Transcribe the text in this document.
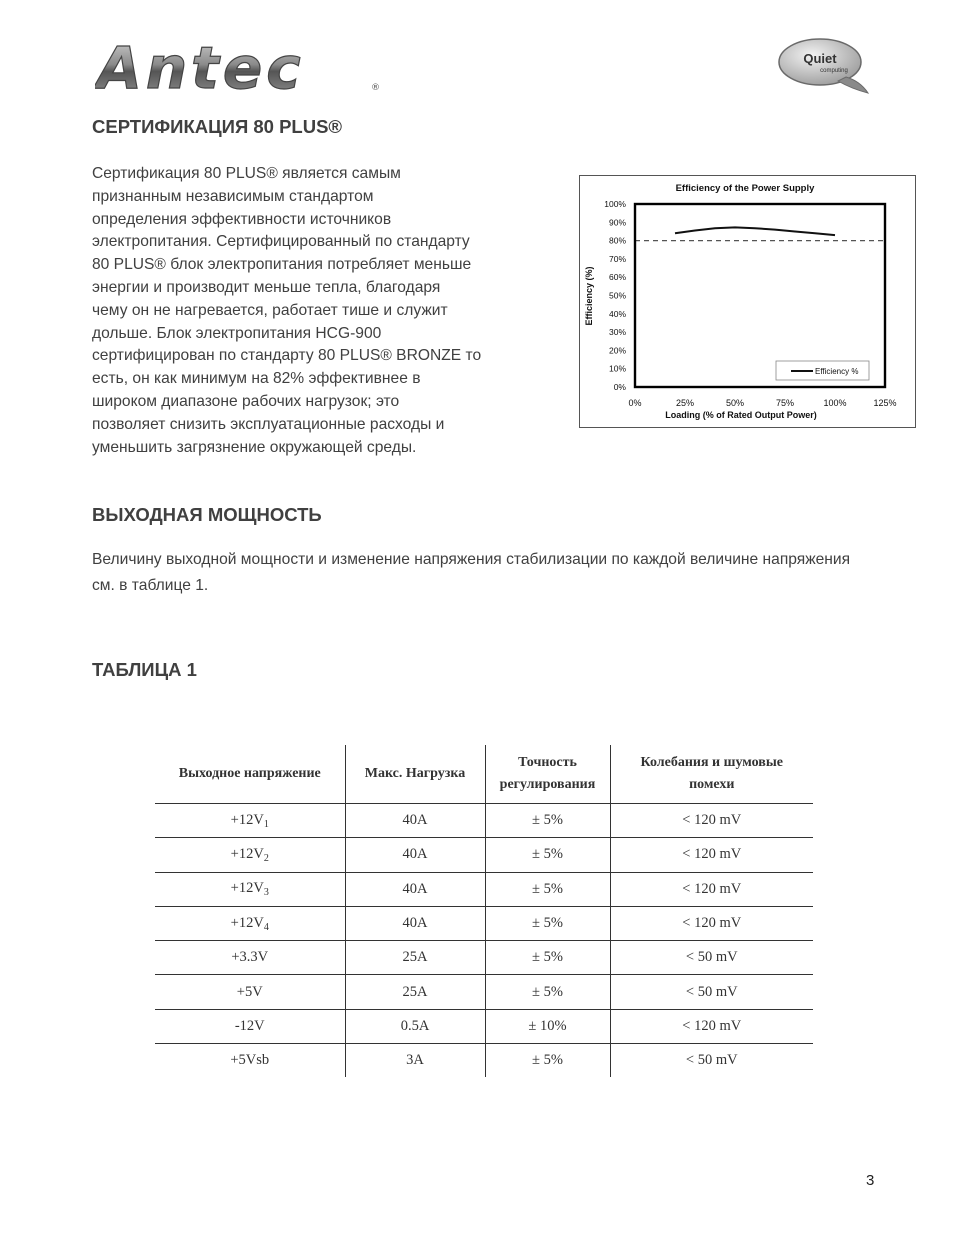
Antec	®
Quiet
computing
СЕРТИФИКАЦИЯ 80 PLUS®
Сертификация 80 PLUS® является самым
признанным независимым стандартом
определения эффективности источников
электропитания. Сертифицированный по стандарту
80 PLUS® блок электропитания потребляет меньше
энергии и производит меньше тепла, благодаря
чему он не нагревается, работает тише и служит
дольше. Блок электропитания HCG-900
сертифицирован по стандарту 80 PLUS® BRONZE то
есть, он как минимум на 82% эффективнее в
широком диапазоне рабочих нагрузок; это
позволяет снизить эксплуатационные расходы и
уменьшить загрязнение окружающей среды.
Efficiency of the Power Supply
Efficiency (%)
Loading (% of Rated Output Power)
0%
10%
20%
30%
40%
50%
60%
70%
80%
90%
100%
0%	25%	50%	75%	100%	125%
Efficiency %
ВЫХОДНАЯ МОЩНОСТЬ
Величину выходной мощности и изменение напряжения стабилизации по каждой величине напряжения см. в таблице 1.
ТАБЛИЦА 1
Выходное напряжение	Макс. Нагрузка	Точность регулирования	Колебания и шумовые помехи
$+12V_1$	40A	± 5%	< 120 mV
$+12V_2$	40A	± 5%	< 120 mV
$+12V_3$	40A	± 5%	< 120 mV
$+12V_4$	40A	± 5%	< 120 mV
+3.3V	25A	± 5%	< 50 mV
+5V	25A	± 5%	< 50 mV
-12V	0.5A	± 10%	< 120 mV
+5Vsb	3A	± 5%	< 50 mV
3
